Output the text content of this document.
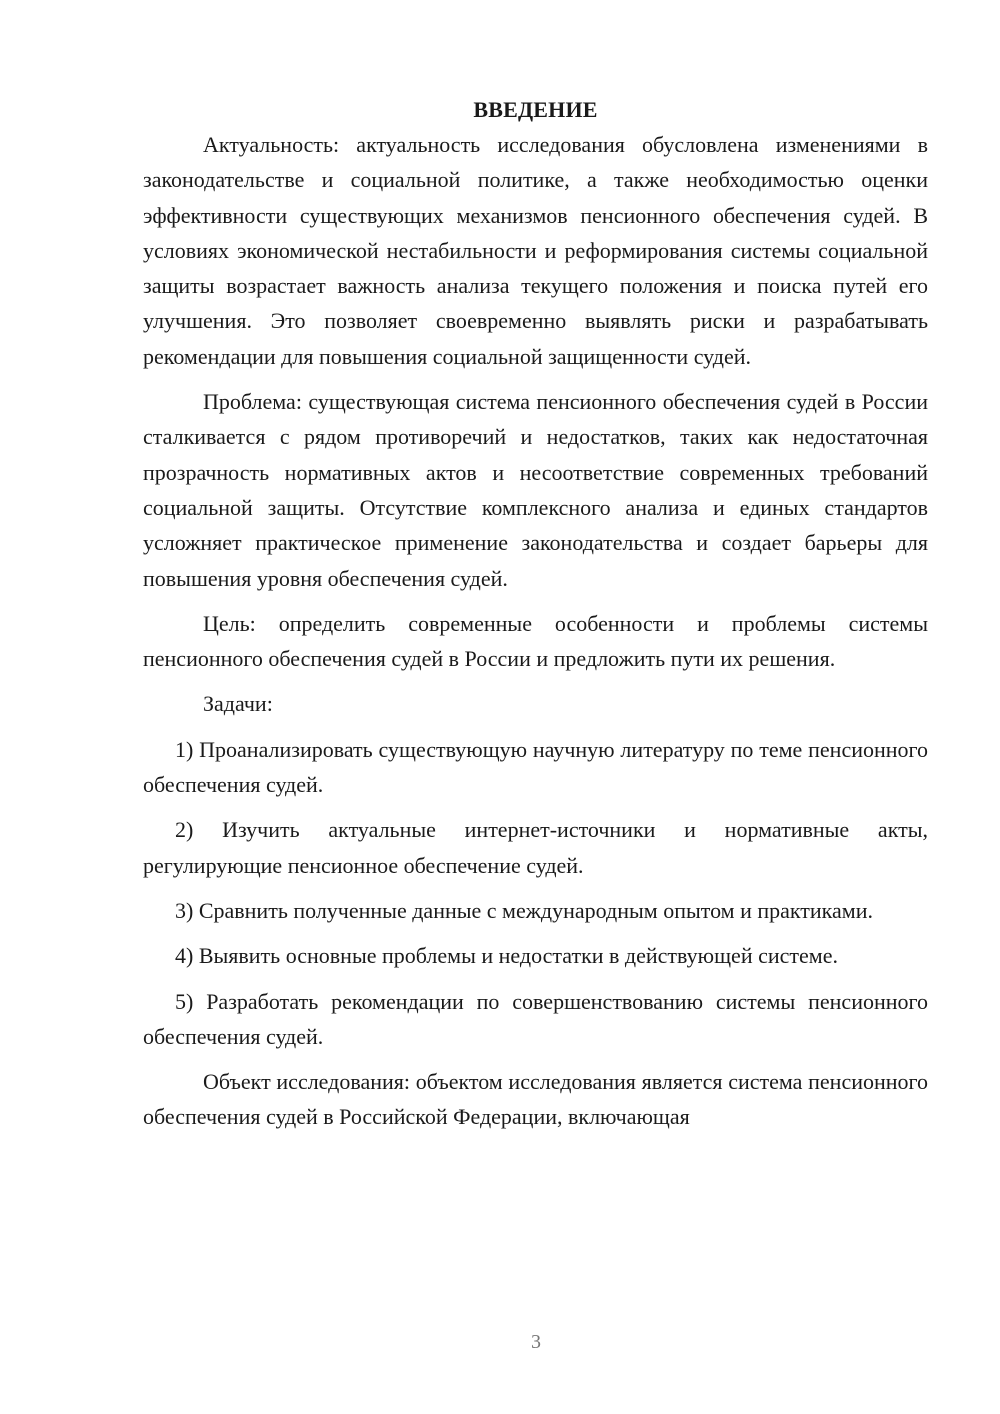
ВВЕДЕНИЕ

Актуальность: актуальность исследования обусловлена изменениями в законодательстве и социальной политике, а также необходимостью оценки эффективности существующих механизмов пенсионного обеспечения судей. В условиях экономической нестабильности и реформирования системы социальной защиты возрастает важность анализа текущего положения и поиска путей его улучшения. Это позволяет своевременно выявлять риски и разрабатывать рекомендации для повышения социальной защищенности судей.

Проблема: существующая система пенсионного обеспечения судей в России сталкивается с рядом противоречий и недостатков, таких как недостаточная прозрачность нормативных актов и несоответствие современных требований социальной защиты. Отсутствие комплексного анализа и единых стандартов усложняет практическое применение законодательства и создает барьеры для повышения уровня обеспечения судей.

Цель: определить современные особенности и проблемы системы пенсионного обеспечения судей в России и предложить пути их решения.

Задачи:

1) Проанализировать существующую научную литературу по теме пенсионного обеспечения судей.

2) Изучить актуальные интернет-источники и нормативные акты, регулирующие пенсионное обеспечение судей.

3) Сравнить полученные данные с международным опытом и практиками.

4) Выявить основные проблемы и недостатки в действующей системе.

5) Разработать рекомендации по совершенствованию системы пенсионного обеспечения судей.

Объект исследования: объектом исследования является система пенсионного обеспечения судей в Российской Федерации, включающая

3
